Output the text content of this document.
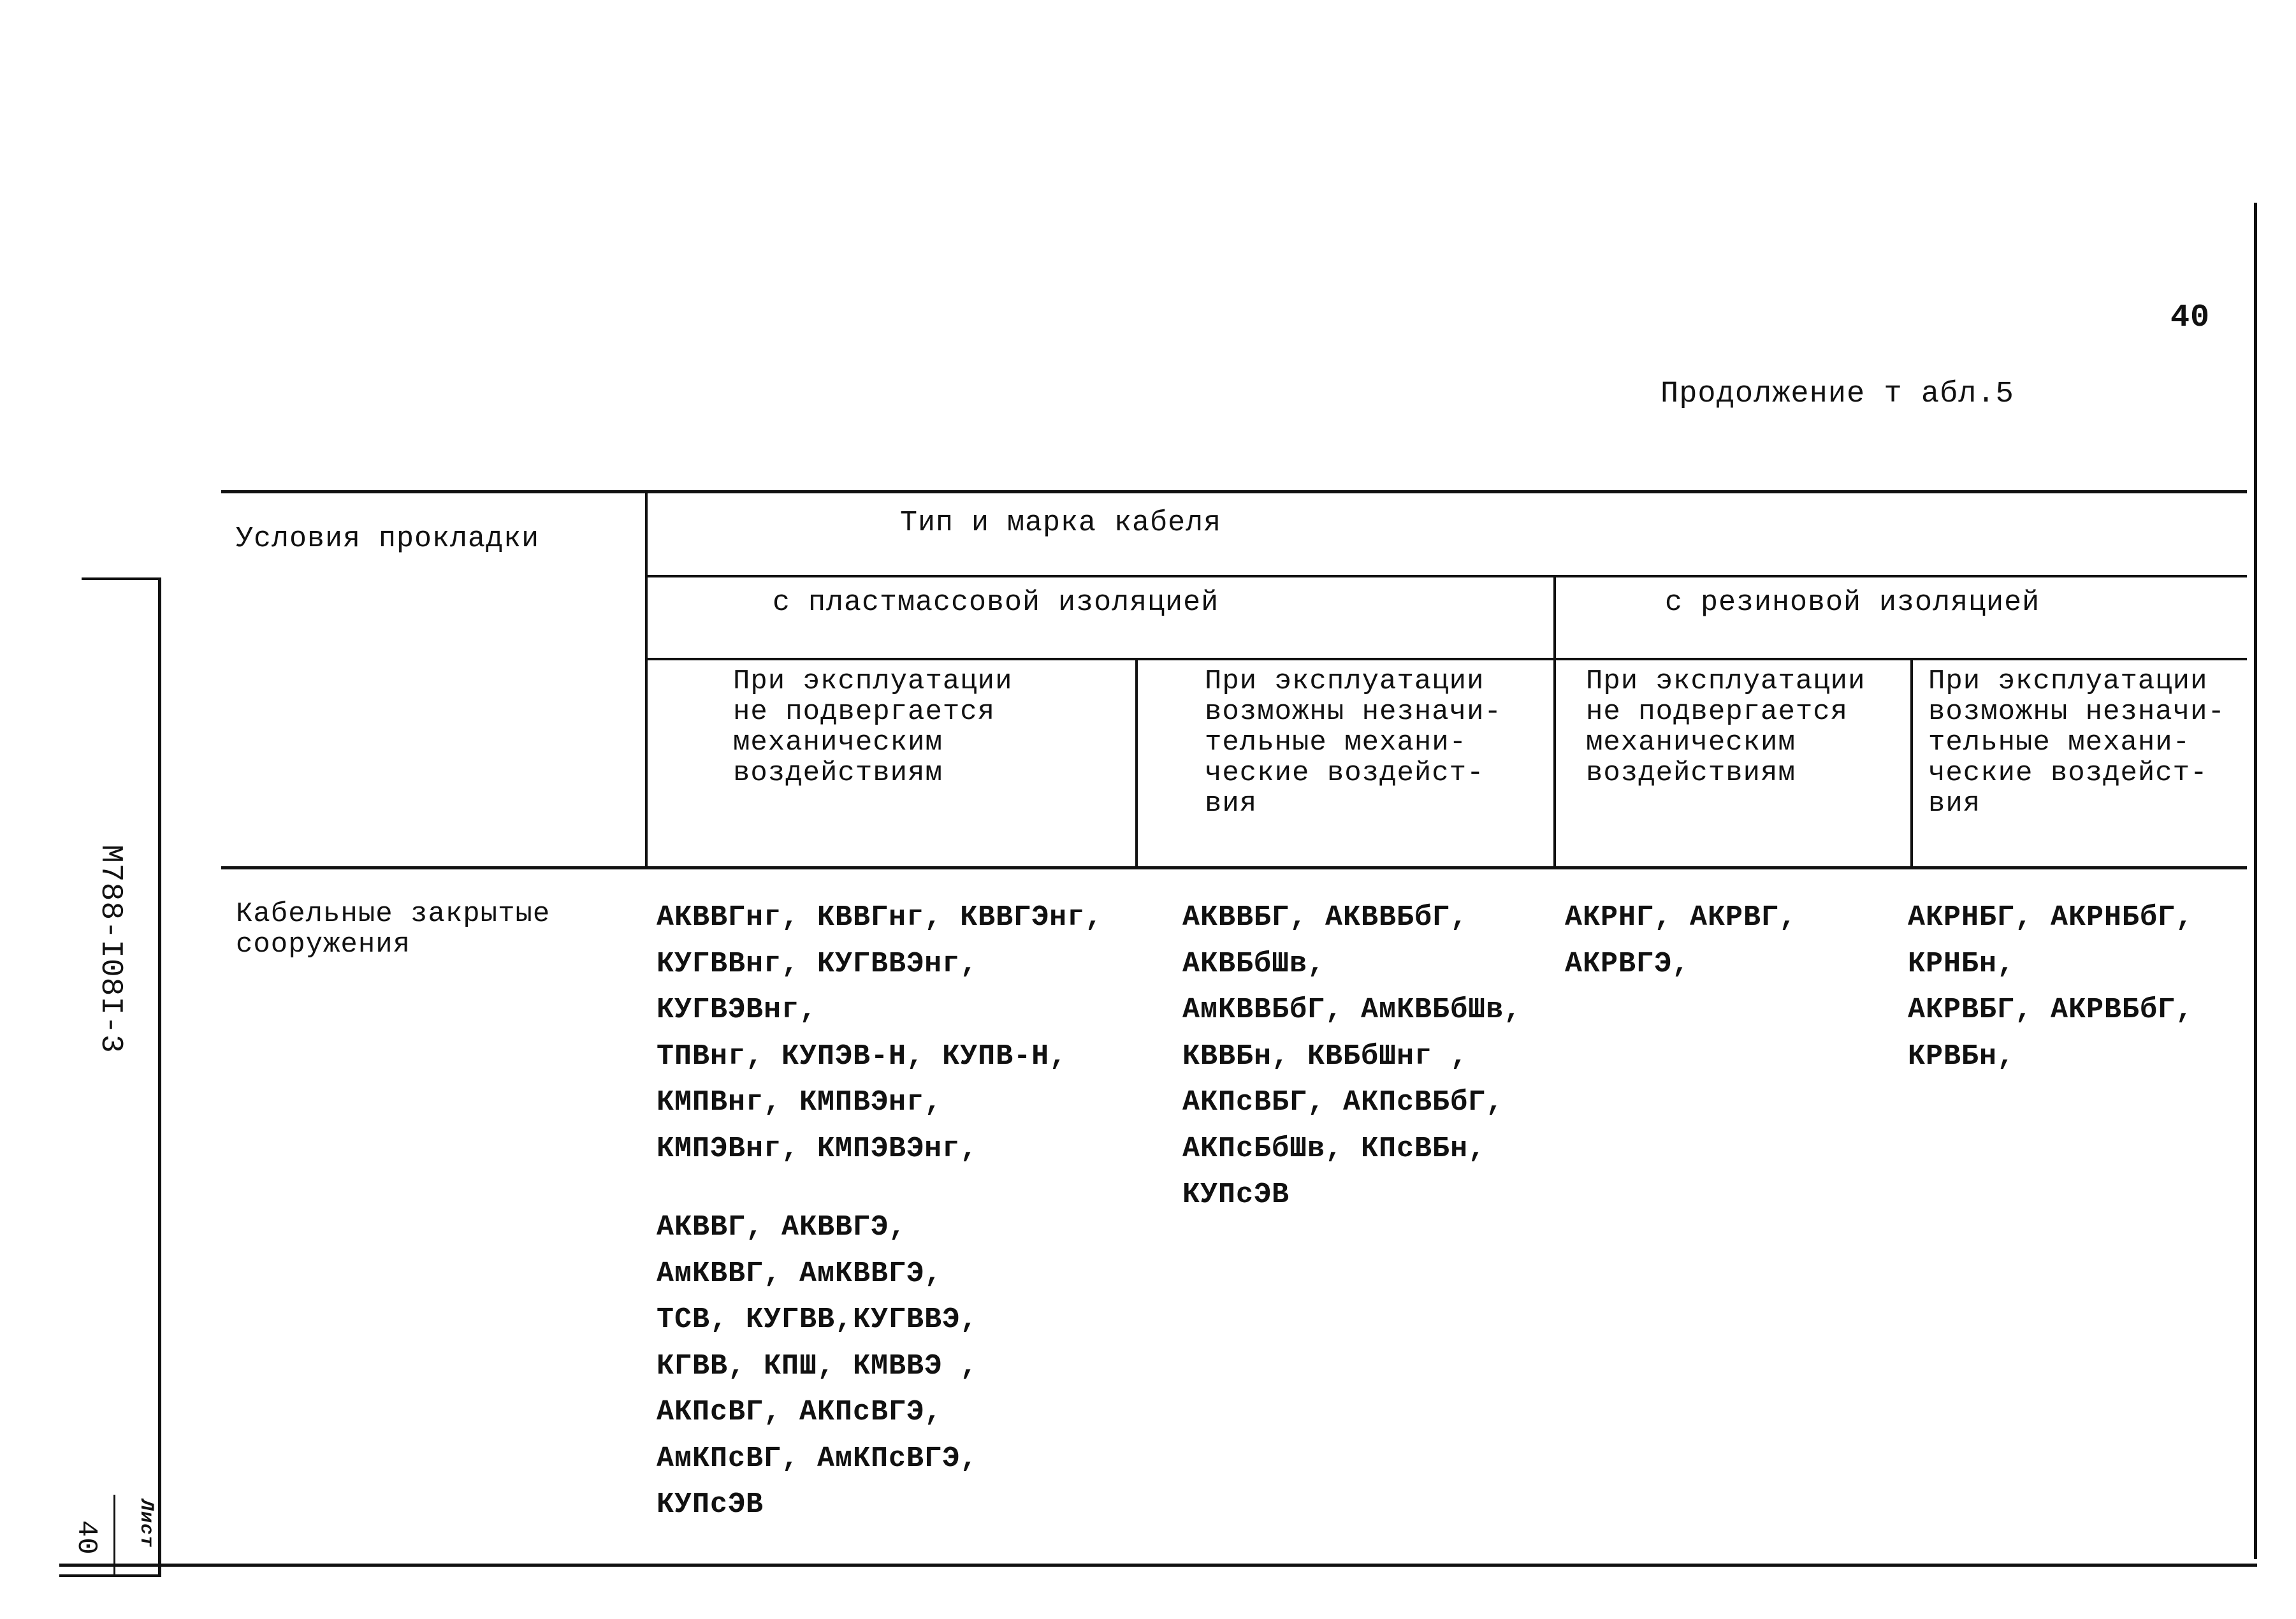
40
Продолжение т абл.5
Условия прокладки	Тип и марка кабеля
с пластмассовой изоляцией	с резиновой изоляцией
При эксплуатации
не подвергается
механическим
воздействиям
При эксплуатации
возможны незначи-
тельные механи-
ческие воздейст-
вия
При эксплуатации
не подвергается
механическим
воздействиям
При эксплуатации
возможны незначи-
тельные механи-
ческие воздейст-
вия
Кабельные закрытые
сооружения
АКВВГнг, КВВГнг, КВВГЭнг,
КУГВВнг, КУГВВЭнг,
КУГВЭВнг,
ТПВнг, КУПЭВ-Н, КУПВ-Н,
КМПВнг, КМПВЭнг,
КМПЭВнг, КМПЭВЭнг,
АКВВГ, АКВВГЭ,
АмКВВГ, АмКВВГЭ,
ТСВ, КУГВВ,КУГВВЭ,
КГВВ, КПШ, КМВВЭ ,
АКПсВГ, АКПсВГЭ,
АмКПсВГ, АмКПсВГЭ,
КУПсЭВ
АКВВБГ, АКВВБбГ,
АКВБбШв,
АмКВВБбГ, АмКВБбШв,
КВВБн, КВБбШнг ,
АКПсВБГ, АКПсВБбГ,
АКПсБбШв, КПсВБн,
КУПсЭВ
АКРНГ, АКРВГ,
АКРВГЭ,
АКРНБГ, АКРНБбГ,
КРНБн,
АКРВБГ, АКРВБбГ,
КРВБн,
М788-I08I-3
Лист
40
